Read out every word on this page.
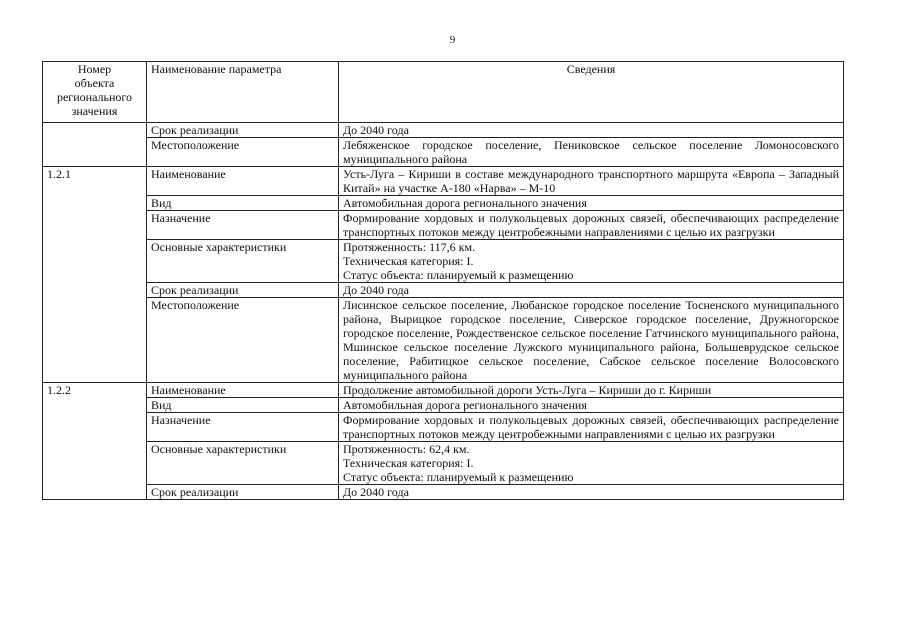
9
Номер
объекта
регионального
значения	Наименование параметра	Сведения
	Срок реализации	До 2040 года
	Местоположение	Лебяженское городское поселение, Пениковское сельское поселение Ломоносовского муниципального района
1.2.1	Наименование	Усть-Луга – Кириши в составе международного транспортного маршрута «Европа – Западный Китай» на участке А-180 «Нарва» – М-10
	Вид	Автомобильная дорога регионального значения
	Назначение	Формирование хордовых и полукольцевых дорожных связей, обеспечивающих распределение транспортных потоков между центробежными направлениями с целью их разгрузки
	Основные характеристики	Протяженность: 117,6 км.
Техническая категория: I.
Статус объекта: планируемый к размещению

	Срок реализации	До 2040 года
	Местоположение	Лисинское сельское поселение, Любанское городское поселение Тосненского муниципального района, Вырицкое городское поселение, Сиверское городское поселение, Дружногорское городское поселение, Рождественское сельское поселение Гатчинского муниципального района, Мшинское сельское поселение Лужского муниципального района, Большеврудское сельское поселение, Рабитицкое сельское поселение, Сабское сельское поселение Волосовского муниципального района
1.2.2	Наименование	Продолжение автомобильной дороги Усть-Луга – Кириши до г. Кириши
	Вид	Автомобильная дорога регионального значения
	Назначение	Формирование хордовых и полукольцевых дорожных связей, обеспечивающих распределение транспортных потоков между центробежными направлениями с целью их разгрузки
	Основные характеристики	Протяженность: 62,4 км.
Техническая категория: I.
Статус объекта: планируемый к размещению

	Срок реализации	До 2040 года
